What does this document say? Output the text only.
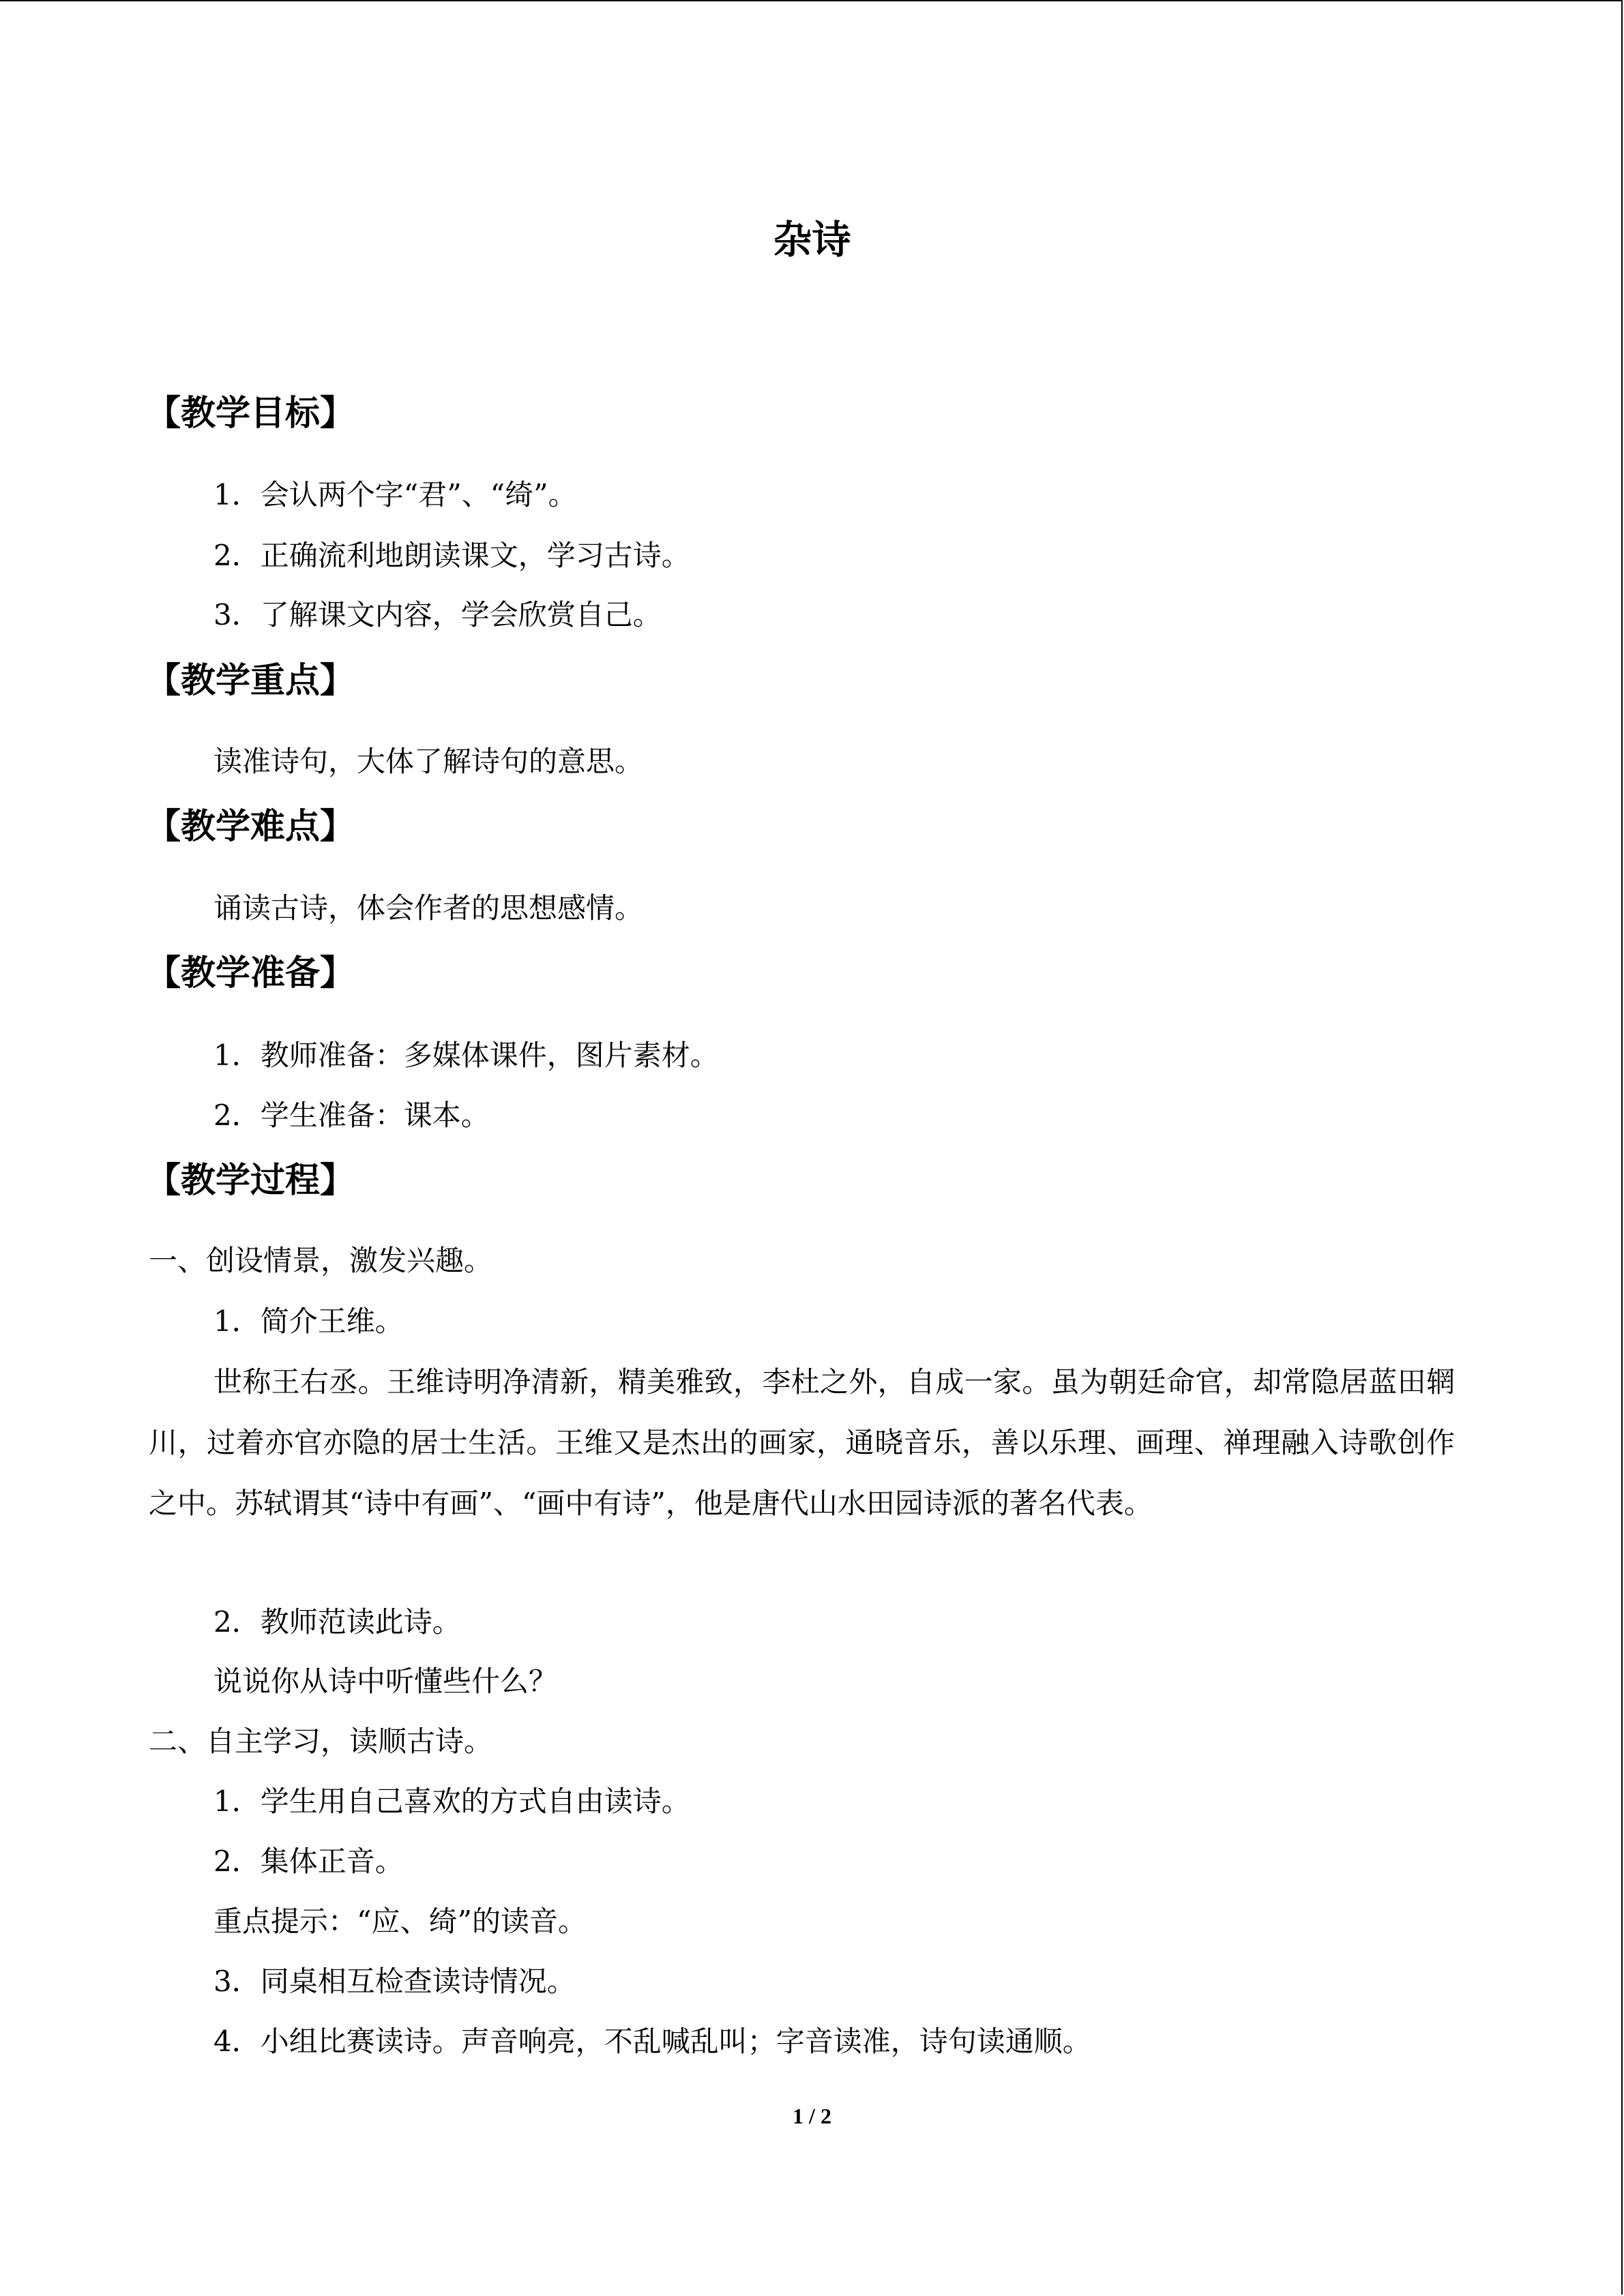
杂诗
【教学目标】

1．会认两个字“君”、“绮”。

2．正确流利地朗读课文，学习古诗。

3．了解课文内容，学会欣赏自己。

【教学重点】

读准诗句，大体了解诗句的意思。

【教学难点】

诵读古诗，体会作者的思想感情。

【教学准备】

1．教师准备：多媒体课件，图片素材。

2．学生准备：课本。

【教学过程】

一、创设情景，激发兴趣。

1．简介王维。

世称王右丞。王维诗明净清新，精美雅致，李杜之外，自成一家。虽为朝廷命官，却常隐居蓝田辋川，过着亦官亦隐的居士生活。王维又是杰出的画家，通晓音乐，善以乐理、画理、禅理融入诗歌创作之中。苏轼谓其“诗中有画”、“画中有诗”，他是唐代山水田园诗派的著名代表。

2．教师范读此诗。

说说你从诗中听懂些什么？

二、自主学习，读顺古诗。

1．学生用自己喜欢的方式自由读诗。

2．集体正音。

重点提示：“应、绮”的读音。

3．同桌相互检查读诗情况。

4．小组比赛读诗。声音响亮，不乱喊乱叫；字音读准，诗句读通顺。

1 / 2
